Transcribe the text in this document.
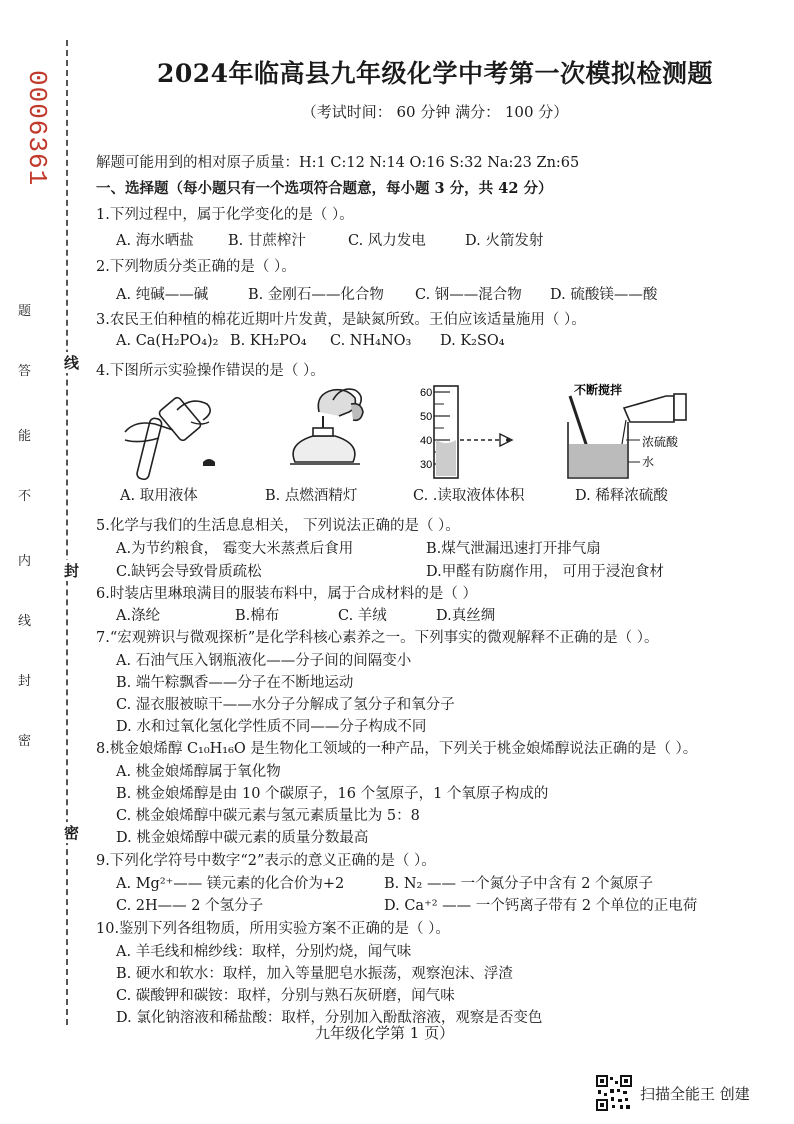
0006361
题
答
能
不
内
线
封
密
线
封
密
2024年临高县九年级化学中考第一次模拟检测题
（考试时间： 60 分钟 满分： 100 分）
解题可能用到的相对原子质量：H:1 C:12 N:14 O:16 S:32 Na:23 Zn:65
一、选择题（每小题只有一个选项符合题意，每小题 3 分，共 42 分）
1.下列过程中，属于化学变化的是（ ）。
A. 海水晒盐 B. 甘蔗榨汁	C. 风力发电	D. 火箭发射
2.下列物质分类正确的是（ ）。
A. 纯碱——碱	B. 金刚石——化合物 C. 钢——混合物 D. 硫酸镁——酸
3.农民王伯种植的棉花近期叶片发黄，是缺氮所致。王伯应该适量施用（ ）。
A. Ca(H₂PO₄)₂ B. KH₂PO₄ C. NH₄NO₃ D. K₂SO₄
4.下图所示实验操作错误的是（ ）。
60
50
40
30
不断搅拌
浓硫酸
水
A. 取用液体	B. 点燃酒精灯	C. .读取液体体积	D. 稀释浓硫酸
5.化学与我们的生活息息相关， 下列说法正确的是（ ）。
A.为节约粮食， 霉变大米蒸煮后食用	B.煤气泄漏迅速打开排气扇
C.缺钙会导致骨质疏松	D.甲醛有防腐作用， 可用于浸泡食材
6.时装店里琳琅满目的服装布料中，属于合成材料的是（ ）
A.涤纶	B.棉布	C. 羊绒	D.真丝绸
7.“宏观辨识与微观探析”是化学科核心素养之一。下列事实的微观解释不正确的是（ ）。
A. 石油气压入钢瓶液化——分子间的间隔变小
B. 端午粽飘香——分子在不断地运动
C. 湿衣服被晾干——水分子分解成了氢分子和氧分子
D. 水和过氧化氢化学性质不同——分子构成不同
8.桃金娘烯醇 C₁₀H₁₆O 是生物化工领域的一种产品，下列关于桃金娘烯醇说法正确的是（ ）。
A. 桃金娘烯醇属于氧化物
B. 桃金娘烯醇是由 10 个碳原子，16 个氢原子，1 个氧原子构成的
C. 桃金娘烯醇中碳元素与氢元素质量比为 5：8
D. 桃金娘烯醇中碳元素的质量分数最高
9.下列化学符号中数字“2”表示的意义正确的是（ ）。
A. Mg²⁺—— 镁元素的化合价为+2	B. N₂ —— 一个氮分子中含有 2 个氮原子
C. 2H—— 2 个氢分子	D. Ca⁺² —— 一个钙离子带有 2 个单位的正电荷
10.鉴别下列各组物质，所用实验方案不正确的是（ ）。
A. 羊毛线和棉纱线：取样，分别灼烧，闻气味
B. 硬水和软水：取样，加入等量肥皂水振荡，观察泡沫、浮渣
C. 碳酸钾和碳铵：取样，分别与熟石灰研磨，闻气味
D. 氯化钠溶液和稀盐酸：取样，分别加入酚酞溶液，观察是否变色
九年级化学第 1 页）
扫描全能王 创建
